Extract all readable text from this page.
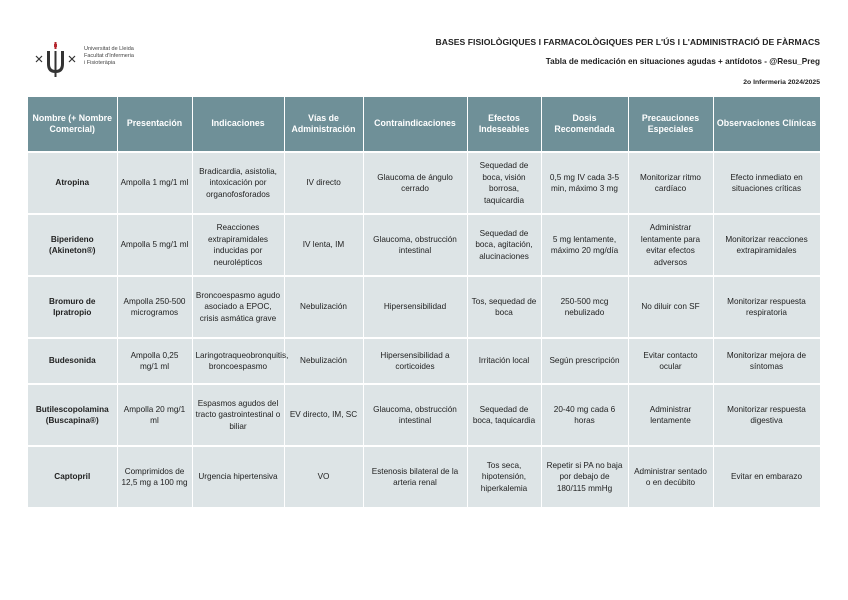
Universitat de Lleida
Facultat d'Infermeria
i Fisioteràpia
BASES FISIOLÒGIQUES I FARMACOLÒGIQUES PER L'ÚS I L'ADMINISTRACIÓ DE FÀRMACS
Tabla de medicación en situaciones agudas + antídotos - @Resu_Preg
2o Infermeria 2024/2025
Nombre (+ Nombre Comercial)	Presentación	Indicaciones	Vías de Administración	Contraindicaciones	Efectos Indeseables	Dosis Recomendada	Precauciones Especiales	Observaciones Clínicas
Atropina	Ampolla 1 mg/1 ml	Bradicardia, asistolia, intoxicación por organofosforados	IV directo	Glaucoma de ángulo cerrado	Sequedad de boca, visión borrosa, taquicardia	0,5 mg IV cada 3-5 min, máximo 3 mg	Monitorizar ritmo cardíaco	Efecto inmediato en situaciones críticas
Biperideno (Akineton®)	Ampolla 5 mg/1 ml	Reacciones extrapiramidales inducidas por neurolépticos	IV lenta, IM	Glaucoma, obstrucción intestinal	Sequedad de boca, agitación, alucinaciones	5 mg lentamente, máximo 20 mg/día	Administrar lentamente para evitar efectos adversos	Monitorizar reacciones extrapiramidales
Bromuro de Ipratropio	Ampolla 250-500 microgramos	Broncoespasmo agudo asociado a EPOC, crisis asmática grave	Nebulización	Hipersensibilidad	Tos, sequedad de boca	250-500 mcg nebulizado	No diluir con SF	Monitorizar respuesta respiratoria
Budesonida	Ampolla 0,25 mg/1 ml	Laringotraqueobronquitis, broncoespasmo	Nebulización	Hipersensibilidad a corticoides	Irritación local	Según prescripción	Evitar contacto ocular	Monitorizar mejora de síntomas
Butilescopolamina (Buscapina®)	Ampolla 20 mg/1 ml	Espasmos agudos del tracto gastrointestinal o biliar	EV directo, IM, SC	Glaucoma, obstrucción intestinal	Sequedad de boca, taquicardia	20-40 mg cada 6 horas	Administrar lentamente	Monitorizar respuesta digestiva
Captopril	Comprimidos de 12,5 mg a 100 mg	Urgencia hipertensiva	VO	Estenosis bilateral de la arteria renal	Tos seca, hipotensión, hiperkalemia	Repetir si PA no baja por debajo de 180/115 mmHg	Administrar sentado o en decúbito	Evitar en embarazo
